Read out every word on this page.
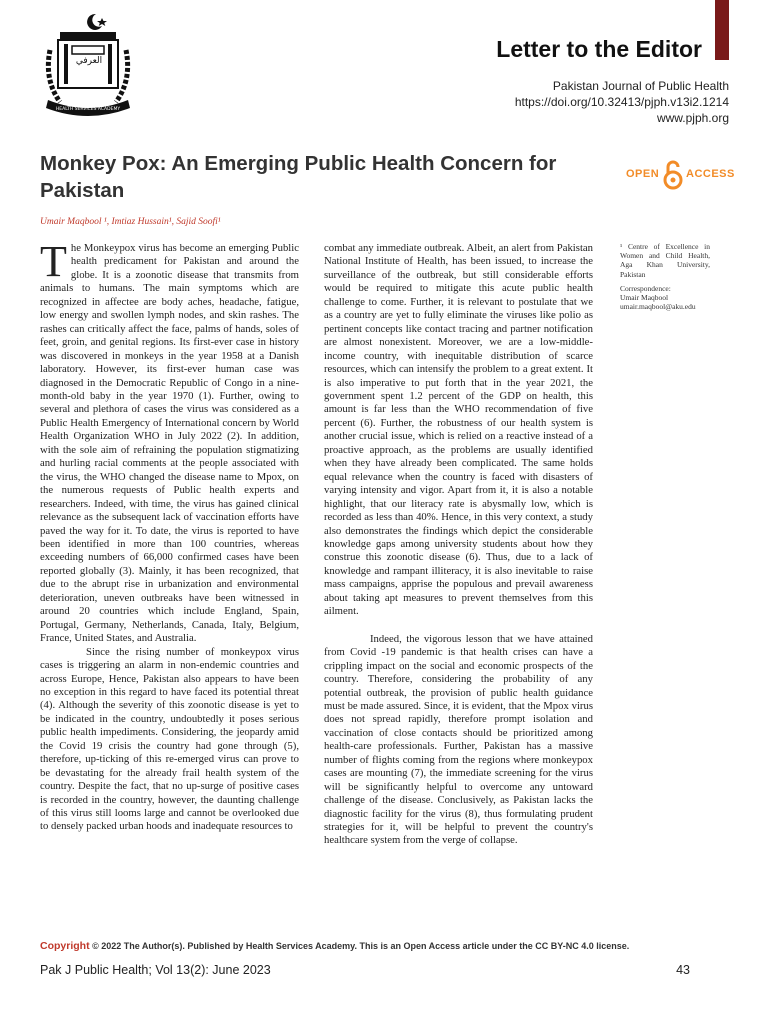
HEALTH SERVICES ACADEMY
العرفي	Letter to the Editor
Pakistan Journal of Public Health
https://doi.org/10.32413/pjph.v13i2.1214
www.pjph.org
Monkey Pox: An Emerging Public Health Concern for Pakistan
OPEN ACCESS
Umair Maqbool ¹, Imtiaz Hussain¹, Sajid Soofi¹

The Monkeypox virus has become an emerging Public health predicament for Pakistan and around the globe. It is a zoonotic disease that transmits from animals to humans. The main symptoms which are recognized in affectee are body aches, headache, fatigue, low energy and swollen lymph nodes, and skin rashes. The rashes can critically affect the face, palms of hands, soles of feet, groin, and genital regions. Its first-ever case in history was discovered in monkeys in the year 1958 at a Danish laboratory. However, its first-ever human case was diagnosed in the Democratic Republic of Congo in a nine-month-old baby in the year 1970 (1). Further, owing to several and plethora of cases the virus was considered as a Public Health Emergency of International concern by World Health Organization WHO in July 2022 (2). In addition, with the sole aim of refraining the population stigmatizing and hurling racial comments at the people associated with the virus, the WHO changed the disease name to Mpox, on the numerous requests of Public health experts and researchers. Indeed, with time, the virus has gained clinical relevance as the subsequent lack of vaccination efforts have paved the way for it. To date, the virus is reported to have been identified in more than 100 countries, whereas exceeding numbers of 66,000 confirmed cases have been reported globally (3). Mainly, it has been recognized, that due to the abrupt rise in urbanization and environmental deterioration, uneven outbreaks have been witnessed in around 20 countries which include England, Spain, Portugal, Germany, Netherlands, Canada, Italy, Belgium, France, United States, and Australia.

Since the rising number of monkeypox virus cases is triggering an alarm in non-endemic countries and across Europe, Hence, Pakistan also appears to have been no exception in this regard to have faced its potential threat (4). Although the severity of this zoonotic disease is yet to be indicated in the country, undoubtedly it poses serious public health impediments. Considering, the jeopardy amid the Covid 19 crisis the country had gone through (5), therefore, up-ticking of this re-emerged virus can prove to be devastating for the already frail health system of the country. Despite the fact, that no up-surge of positive cases is recorded in the country, however, the daunting challenge of this virus still looms large and cannot be overlooked due to densely packed urban hoods and inadequate resources to

combat any immediate outbreak. Albeit, an alert from Pakistan National Institute of Health, has been issued, to increase the surveillance of the outbreak, but still considerable efforts would be required to mitigate this acute public health challenge to come. Further, it is relevant to postulate that we as a country are yet to fully eliminate the viruses like polio as pertinent concepts like contact tracing and partner notification are almost nonexistent. Moreover, we are a low-middle-income country, with inequitable distribution of scarce resources, which can intensify the problem to a great extent. It is also imperative to put forth that in the year 2021, the government spent 1.2 percent of the GDP on health, this amount is far less than the WHO recommendation of five percent (6). Further, the robustness of our health system is another crucial issue, which is relied on a reactive instead of a proactive approach, as the problems are usually identified when they have already been complicated. The same holds equal relevance when the country is faced with disasters of varying intensity and vigor. Apart from it, it is also a notable highlight, that our literacy rate is abysmally low, which is recorded as less than 40%. Hence, in this very context, a study also demonstrates the findings which depict the considerable knowledge gaps among university students about how they construe this zoonotic disease (6). Thus, due to a lack of knowledge and rampant illiteracy, it is also inevitable to raise mass campaigns, apprise the populous and prevail awareness about taking apt measures to prevent themselves from this ailment.

Indeed, the vigorous lesson that we have attained from Covid -19 pandemic is that health crises can have a crippling impact on the social and economic prospects of the country. Therefore, considering the probability of any potential outbreak, the provision of public health guidance must be made assured. Since, it is evident, that the Mpox virus does not spread rapidly, therefore prompt isolation and vaccination of close contacts should be prioritized among health-care professionals. Further, Pakistan has a massive number of flights coming from the regions where monkeypox cases are mounting (7), the immediate screening for the virus will be significantly helpful to overcome any untoward challenge of the disease. Conclusively, as Pakistan lacks the diagnostic facility for the virus (8), thus formulating prudent strategies for it, will be helpful to prevent the country's healthcare system from the verge of collapse.

¹ Centre of Excellence in Women and Child Health, Aga Khan University, Pakistan

Correspondence:
Umair Maqbool
umair.maqbool@aku.edu
Copyright © 2022 The Author(s). Published by Health Services Academy. This is an Open Access article under the CC BY-NC 4.0 license.
Pak J Public Health; Vol 13(2): June 2023	43
